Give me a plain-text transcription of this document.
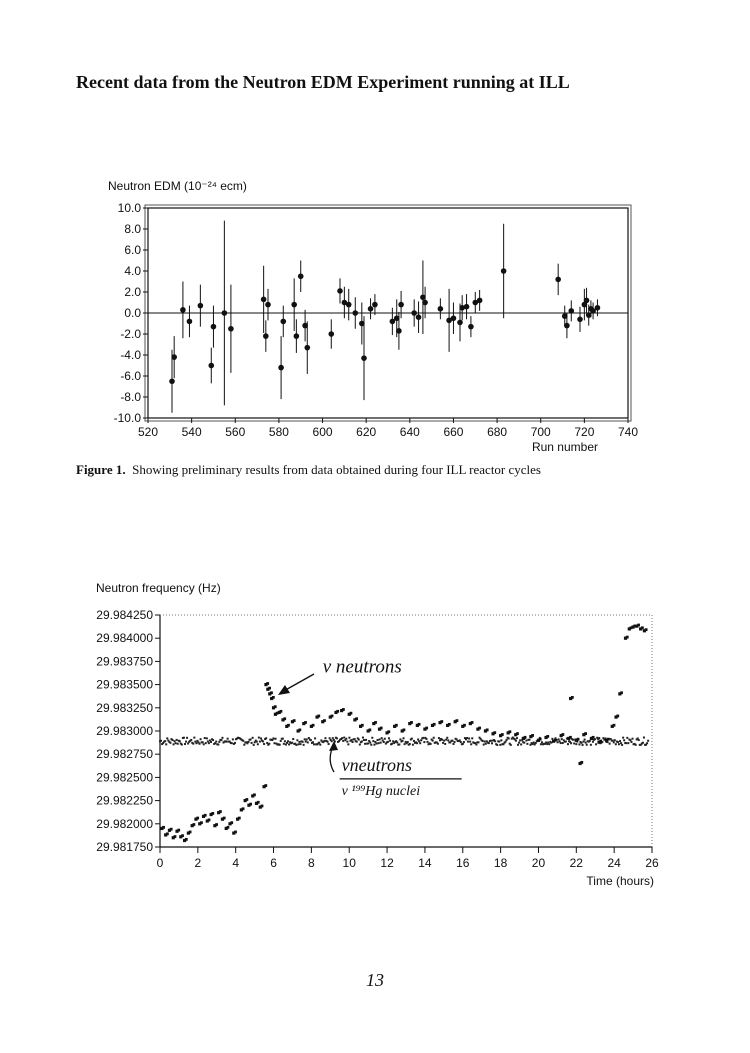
Recent data from the Neutron EDM Experiment running at ILL
Neutron EDM (10⁻²⁴ ecm)
Run number
10.0
8.0
6.0
4.0
2.0
0.0
-2.0
-4.0
-6.0
-8.0
-10.0
520 540 560 580 600 620 640 660 680 700 720 740
Neutron frequency (Hz)
Time (hours)
29.984250
29.984000
29.983750
29.983500
29.983250
29.983000
29.982750
29.982500
29.982250
29.982000
29.981750
0	2	4	6	8 10 12 14 16 18 20 22 24 26
ν neutrons
νneutrons
ν ¹⁹⁹Hg nuclei
Figure 1. Showing preliminary results from data obtained during four ILL reactor cycles
13
